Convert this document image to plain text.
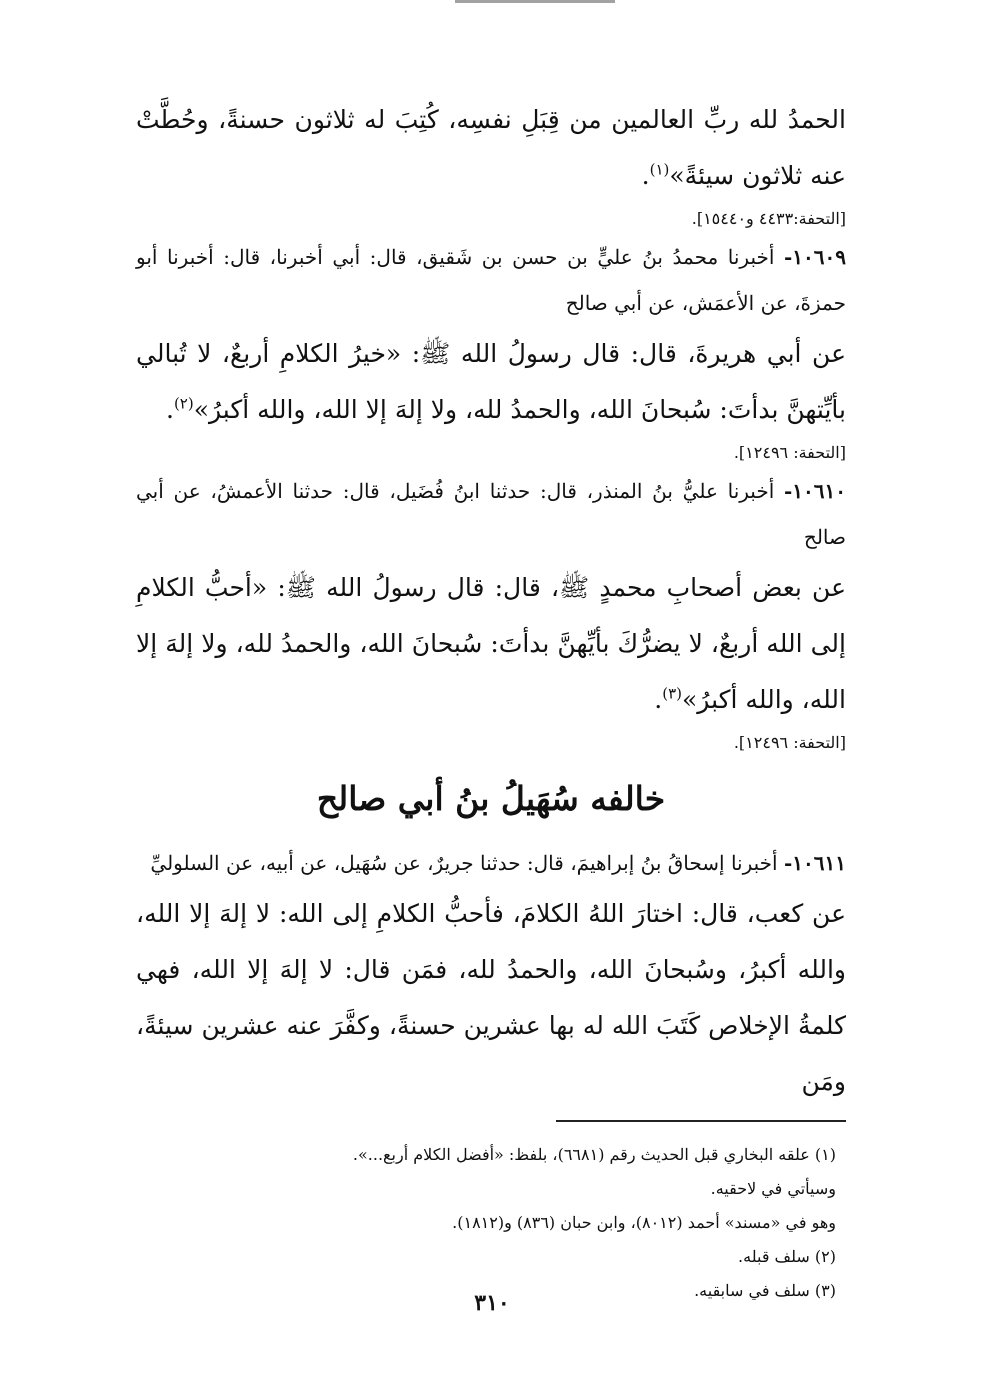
الحمدُ لله ربِّ العالمين من قِبَلِ نفسِه، كُتِبَ له ثلاثون حسنةً، وحُطَّتْ عنه ثلاثون سيئةً»$^{(١)}$.

[التحفة:٤٤٣٣ و١٥٤٤٠].

١٠٦٠٩- أخبرنا محمدُ بنُ عليٍّ بن حسن بن شَقيق، قال: أبي أخبرنا، قال: أخبرنا أبو حمزةَ، عن الأعمَش، عن أبي صالح

عن أبي هريرةَ، قال: قال رسولُ الله ﷺ: «خيرُ الكلامِ أربعٌ، لا تُبالي بأيِّتهنَّ بدأتَ: سُبحانَ الله، والحمدُ لله، ولا إلهَ إلا الله، والله أكبرُ»$^{(٢)}$.

[التحفة: ١٢٤٩٦].

١٠٦١٠- أخبرنا عليُّ بنُ المنذر، قال: حدثنا ابنُ فُضَيل، قال: حدثنا الأعمشُ، عن أبي صالح

عن بعض أصحابِ محمدٍ ﷺ، قال: قال رسولُ الله ﷺ: «أحبُّ الكلامِ إلى الله أربعٌ، لا يضرُّكَ بأيِّهنَّ بدأتَ: سُبحانَ الله، والحمدُ لله، ولا إلهَ إلا الله، والله أكبرُ»$^{(٣)}$.

[التحفة: ١٢٤٩٦].

خالفه سُهَيلُ بنُ أبي صالح

١٠٦١١- أخبرنا إسحاقُ بنُ إبراهيمَ، قال: حدثنا جريرٌ، عن سُهَيل، عن أبيه، عن السلوليِّ

عن كعب، قال: اختارَ اللهُ الكلامَ، فأحبُّ الكلامِ إلى الله: لا إلهَ إلا الله، والله أكبرُ، وسُبحانَ الله، والحمدُ لله، فمَن قال: لا إلهَ إلا الله، فهي كلمةُ الإخلاص كَتَبَ الله له بها عشرين حسنةً، وكفَّرَ عنه عشرين سيئةً، ومَن

(١) علقه البخاري قبل الحديث رقم (٦٦٨١)، بلفظ: «أفضل الكلام أربع...».

وسيأتي في لاحقيه.

وهو في «مسند» أحمد (٨٠١٢)، وابن حبان (٨٣٦) و(١٨١٢).

(٢) سلف قبله.

(٣) سلف في سابقيه.

٣١٠
